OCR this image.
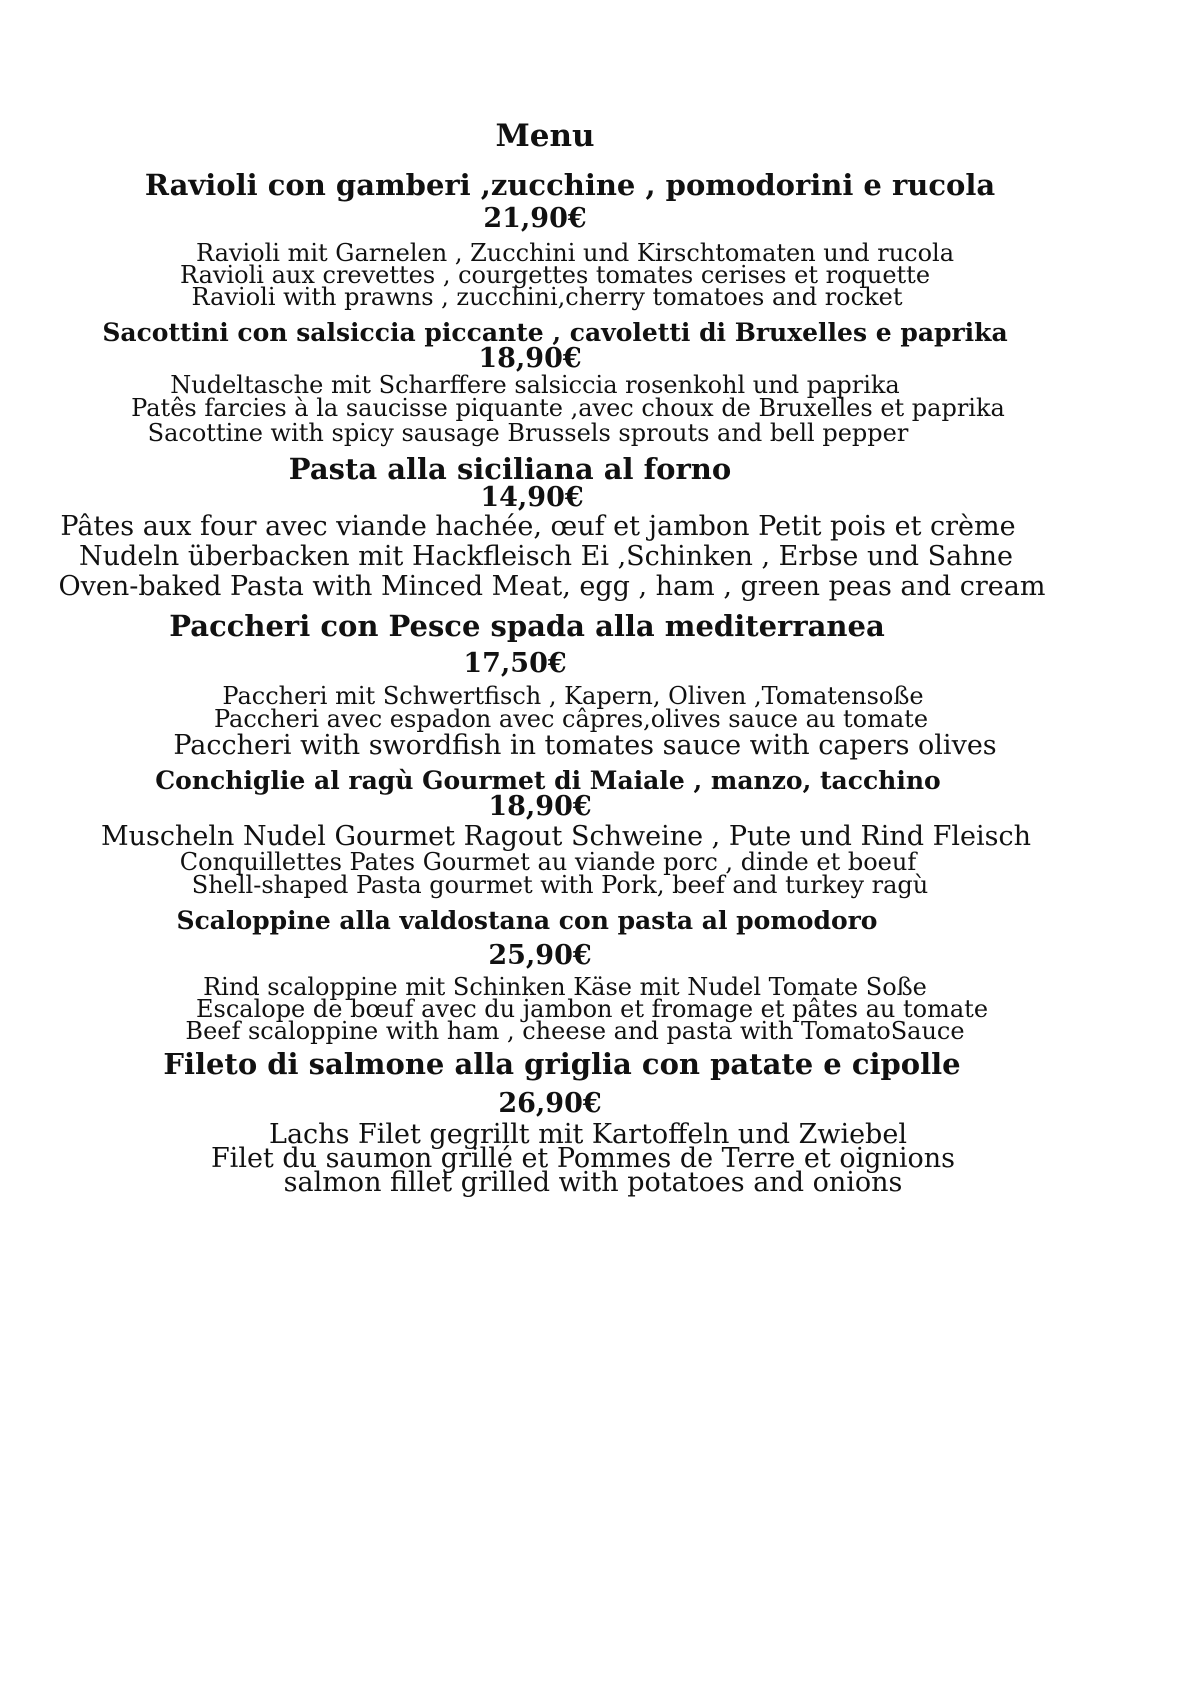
Menu
Ravioli con gamberi ,zucchine , pomodorini e rucola
21,90€
Ravioli mit Garnelen , Zucchini und Kirschtomaten und rucola
Ravioli aux crevettes , courgettes tomates cerises et roquette
Ravioli with prawns , zucchini,cherry tomatoes and rocket
Sacottini con salsiccia piccante , cavoletti di Bruxelles e paprika
18,90€
Nudeltasche mit Scharffere salsiccia rosenkohl und paprika
Patês farcies à la saucisse piquante ,avec choux de Bruxelles et paprika
Sacottine with spicy sausage Brussels sprouts and bell pepper
Pasta alla siciliana al forno
14,90€
Pâtes aux four avec viande hachée, œuf et jambon Petit pois et crème
Nudeln überbacken mit Hackfleisch Ei ,Schinken , Erbse und Sahne
Oven-baked Pasta with Minced Meat, egg , ham , green peas and cream
Paccheri con Pesce spada alla mediterranea
17,50€
Paccheri mit Schwertfisch , Kapern, Oliven ,Tomatensoße
Paccheri avec espadon avec câpres,olives sauce au tomate
Paccheri with swordfish in tomates sauce with capers olives
Conchiglie al ragù Gourmet di Maiale , manzo, tacchino
18,90€
Muscheln Nudel Gourmet Ragout Schweine , Pute und Rind Fleisch
Conquillettes Pates Gourmet au viande porc , dinde et boeuf
Shell-shaped Pasta gourmet with Pork, beef and turkey ragù
Scaloppine alla valdostana con pasta al pomodoro
25,90€
Rind scaloppine mit Schinken Käse mit Nudel Tomate Soße
Escalope de bœuf avec du jambon et fromage et pâtes au tomate
Beef scaloppine with ham , cheese and pasta with TomatoSauce
Fileto di salmone alla griglia con patate e cipolle
26,90€
Lachs Filet gegrillt mit Kartoffeln und Zwiebel
Filet du saumon grillé et Pommes de Terre et oignions
salmon fillet grilled with potatoes and onions
